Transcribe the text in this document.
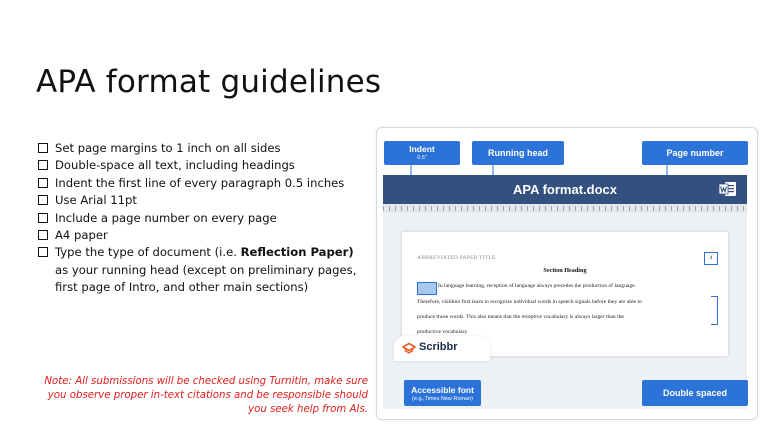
APA format guidelines
Set page margins to 1 inch on all sides
Double-space all text, including headings
Indent the first line of every paragraph 0.5 inches
Use Arial 11pt
Include a page number on every page
A4 paper
Type the type of document (i.e. Reflection Paper) as your running head (except on preliminary pages, first page of Intro, and other main sections)
Note: All submissions will be checked using Turnitin, make sure you observe proper in-text citations and be responsible should you seek help from AIs.
Indent
0.5"	Running head	Page number
APA format.docx
ABBREVIATED PAPER TITLE	4
Section Heading
In language learning, reception of language always precedes the production of language.
Therefore, children first learn to recognize individual words in speech signals before they are able to
produce those words. This also means that the receptive vocabulary is always larger than the
productive vocabulary.
Scribbr
Accessible font
(e.g.,Times New Roman)
Double spaced
